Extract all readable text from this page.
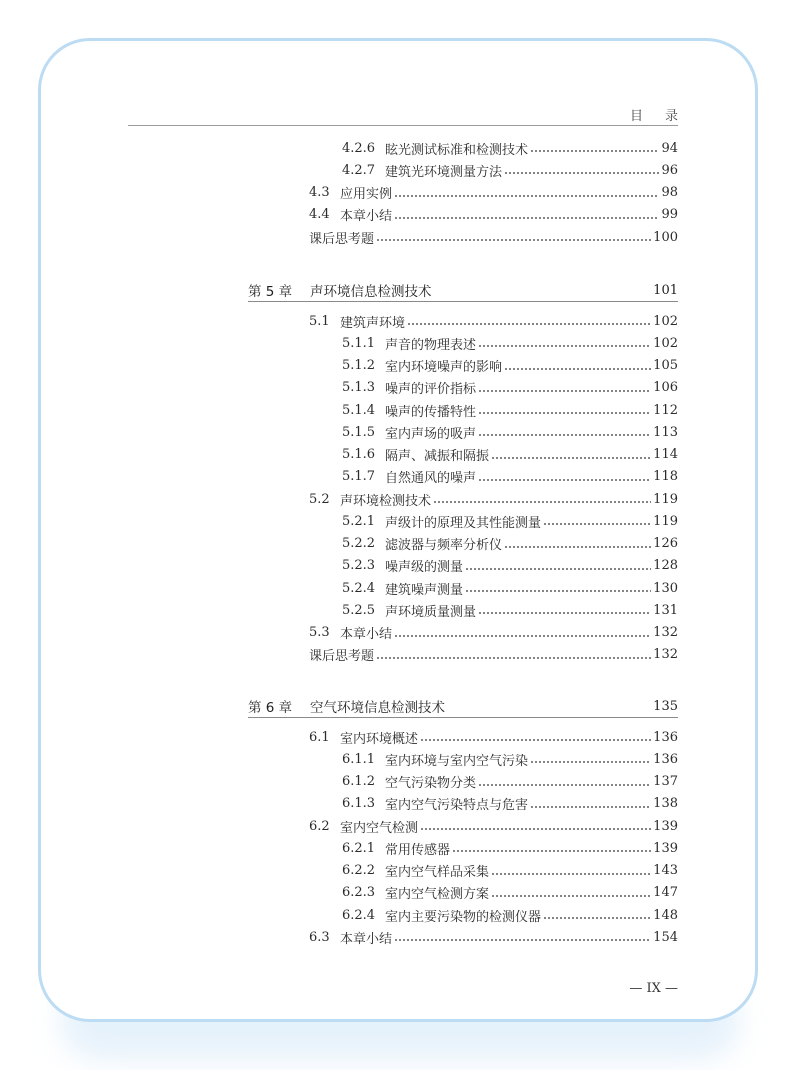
目录
4.2.6 眩光测试标准和检测技术	94
4.2.7 建筑光环境测量方法	96
4.3 应用实例	98
4.4 本章小结	99
课后思考题	100
第 5 章	声环境信息检测技术	101
5.1 建筑声环境	102
5.1.1 声音的物理表述	102
5.1.2 室内环境噪声的影响	105
5.1.3 噪声的评价指标	106
5.1.4 噪声的传播特性	112
5.1.5 室内声场的吸声	113
5.1.6 隔声、减振和隔振	114
5.1.7 自然通风的噪声	118
5.2 声环境检测技术	119
5.2.1 声级计的原理及其性能测量	119
5.2.2 滤波器与频率分析仪	126
5.2.3 噪声级的测量	128
5.2.4 建筑噪声测量	130
5.2.5 声环境质量测量	131
5.3 本章小结	132
课后思考题	132
第 6 章	空气环境信息检测技术	135
6.1 室内环境概述	136
6.1.1 室内环境与室内空气污染	136
6.1.2 空气污染物分类	137
6.1.3 室内空气污染特点与危害	138
6.2 室内空气检测	139
6.2.1 常用传感器	139
6.2.2 室内空气样品采集	143
6.2.3 室内空气检测方案	147
6.2.4 室内主要污染物的检测仪器	148
6.3 本章小结	154
— IX —
